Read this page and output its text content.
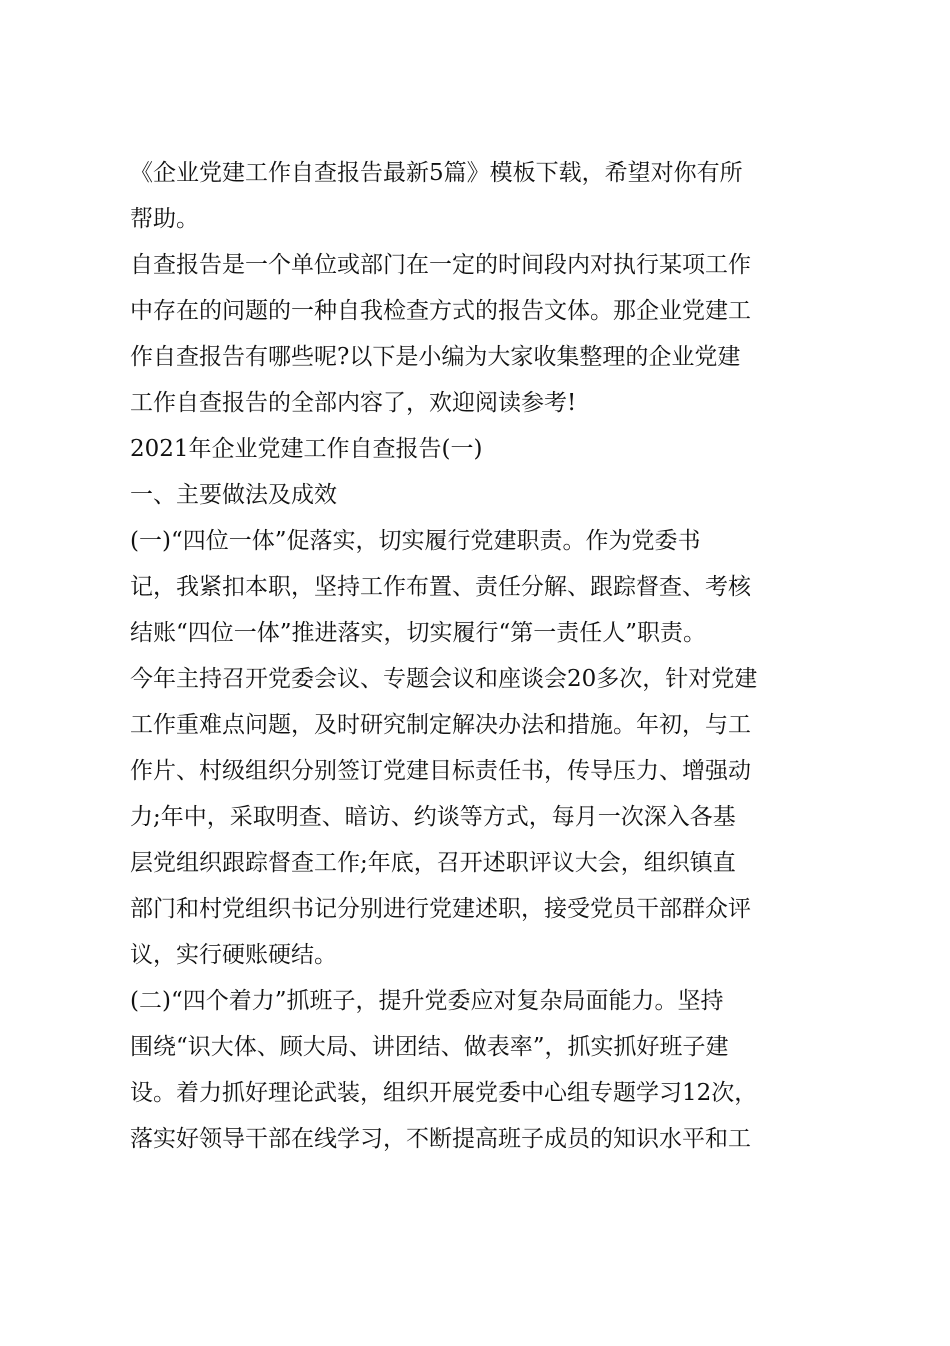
《企业党建工作自查报告最新5篇》模板下载，希望对你有所
帮助。
自查报告是一个单位或部门在一定的时间段内对执行某项工作
中存在的问题的一种自我检查方式的报告文体。那企业党建工
作自查报告有哪些呢?以下是小编为大家收集整理的企业党建
工作自查报告的全部内容了，欢迎阅读参考!
2021年企业党建工作自查报告(一)
一、主要做法及成效
(一)“四位一体”促落实，切实履行党建职责。作为党委书
记，我紧扣本职，坚持工作布置、责任分解、跟踪督查、考核
结账“四位一体”推进落实，切实履行“第一责任人”职责。
今年主持召开党委会议、专题会议和座谈会20多次，针对党建
工作重难点问题，及时研究制定解决办法和措施。年初，与工
作片、村级组织分别签订党建目标责任书，传导压力、增强动
力;年中，采取明查、暗访、约谈等方式，每月一次深入各基
层党组织跟踪督查工作;年底，召开述职评议大会，组织镇直
部门和村党组织书记分别进行党建述职，接受党员干部群众评
议，实行硬账硬结。
(二)“四个着力”抓班子，提升党委应对复杂局面能力。坚持
围绕“识大体、顾大局、讲团结、做表率”，抓实抓好班子建
设。着力抓好理论武装，组织开展党委中心组专题学习12次，
落实好领导干部在线学习，不断提高班子成员的知识水平和工
